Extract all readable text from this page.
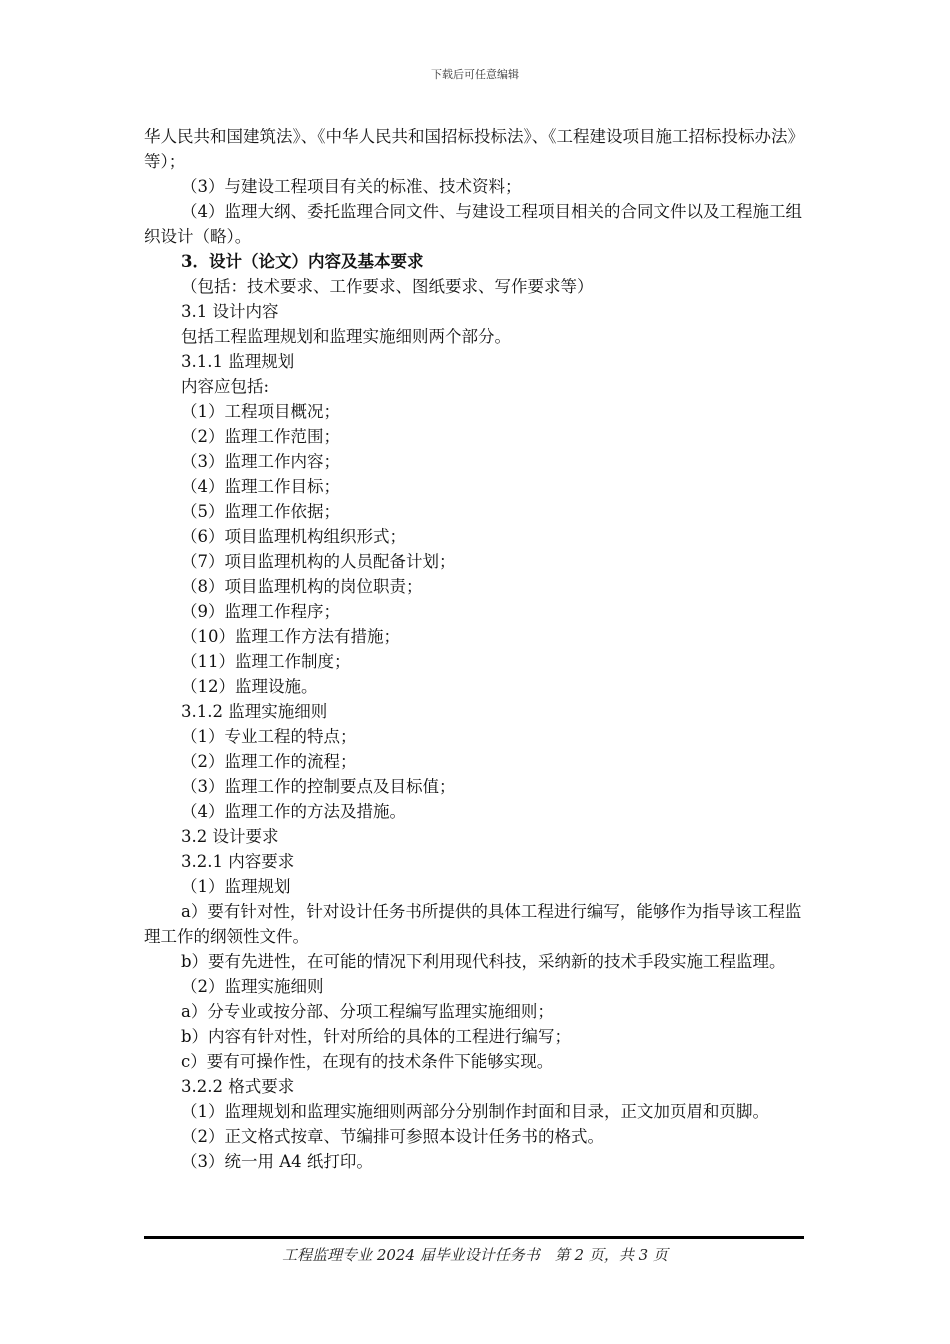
下载后可任意编辑

华人民共和国建筑法》、《中华人民共和国招标投标法》、《工程建设项目施工招标投标办法》等）；

（3）与建设工程项目有关的标准、技术资料；

（4）监理大纲、委托监理合同文件、与建设工程项目相关的合同文件以及工程施工组织设计（略）。

3．设计（论文）内容及基本要求

（包括：技术要求、工作要求、图纸要求、写作要求等）

3.1 设计内容

包括工程监理规划和监理实施细则两个部分。

3.1.1 监理规划

内容应包括:

（1）工程项目概况；

（2）监理工作范围；

（3）监理工作内容；

（4）监理工作目标；

（5）监理工作依据；

（6）项目监理机构组织形式；

（7）项目监理机构的人员配备计划；

（8）项目监理机构的岗位职责；

（9）监理工作程序；

（10）监理工作方法有措施；

（11）监理工作制度；

（12）监理设施。

3.1.2 监理实施细则

（1）专业工程的特点；

（2）监理工作的流程；

（3）监理工作的控制要点及目标值；

（4）监理工作的方法及措施。

3.2 设计要求

3.2.1 内容要求

（1）监理规划

a）要有针对性，针对设计任务书所提供的具体工程进行编写，能够作为指导该工程监理工作的纲领性文件。

b）要有先进性，在可能的情况下利用现代科技，采纳新的技术手段实施工程监理。

（2）监理实施细则

a）分专业或按分部、分项工程编写监理实施细则；

b）内容有针对性，针对所给的具体的工程进行编写；

c）要有可操作性，在现有的技术条件下能够实现。

3.2.2 格式要求

（1）监理规划和监理实施细则两部分分别制作封面和目录，正文加页眉和页脚。

（2）正文格式按章、节编排可参照本设计任务书的格式。

（3）统一用 A4 纸打印。

工程监理专业 2024 届毕业设计任务书　第 2 页，共 3 页
